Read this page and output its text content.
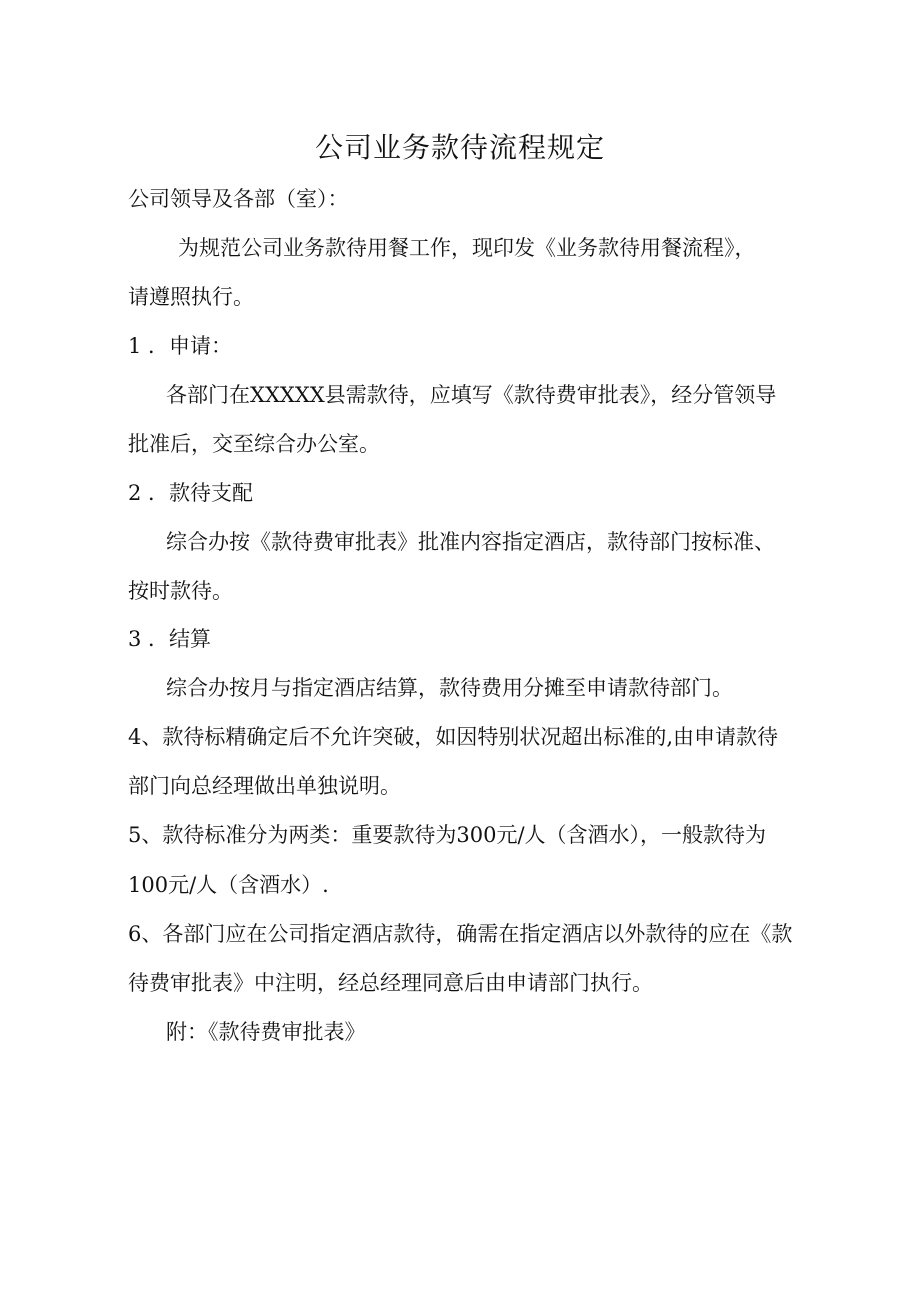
公司业务款待流程规定
公司领导及各部（室）：
为规范公司业务款待用餐工作，现印发《业务款待用餐流程》，
请遵照执行。
1 ．申请：
各部门在XXXXX县需款待，应填写《款待费审批表》，经分管领导
批准后，交至综合办公室。
2 ．款待支配
综合办按《款待费审批表》批准内容指定酒店，款待部门按标准、
按时款待。
3 ．结算
综合办按月与指定酒店结算，款待费用分摊至申请款待部门。
4、款待标精确定后不允许突破，如因特别状况超出标准的,由申请款待
部门向总经理做出单独说明。
5、款待标准分为两类：重要款待为300元/人（含酒水），一般款待为
100元/人（含酒水）.
6、各部门应在公司指定酒店款待，确需在指定酒店以外款待的应在《款
待费审批表》中注明，经总经理同意后由申请部门执行。
附：《款待费审批表》
